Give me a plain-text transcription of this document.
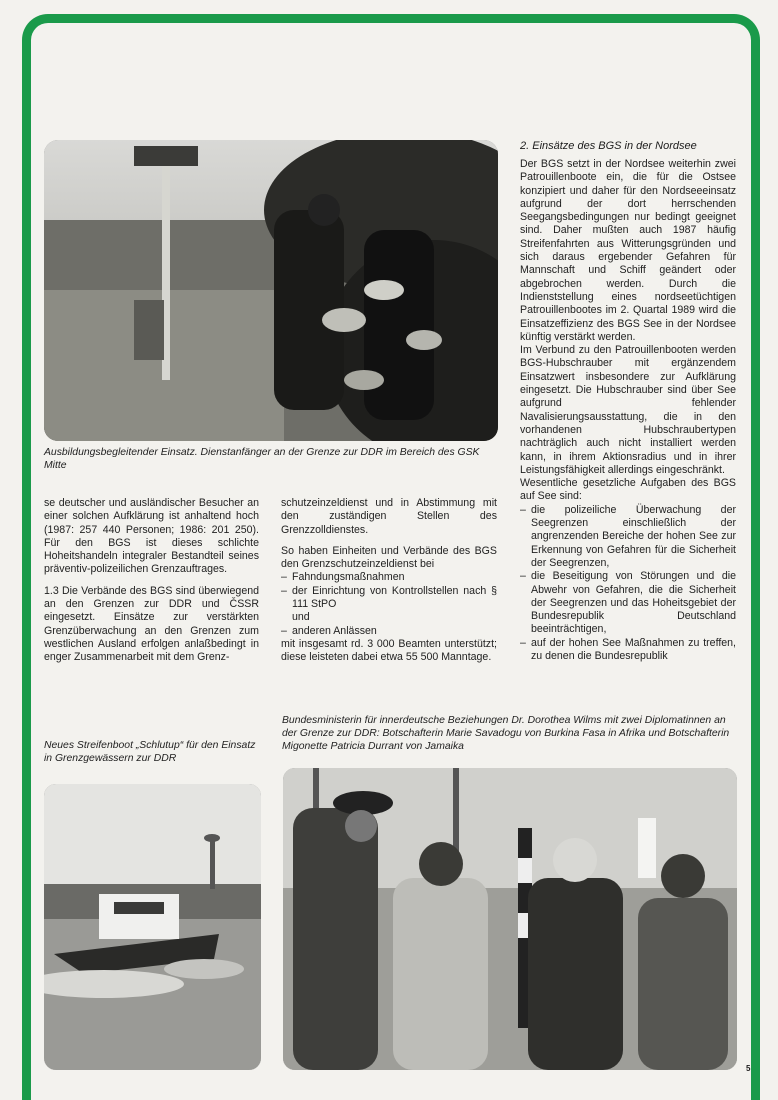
Ausbildungsbegleitender Einsatz. Dienstanfänger an der Grenze zur DDR im Bereich des GSK Mitte

se deutscher und ausländischer Besucher an einer solchen Aufklärung ist anhaltend hoch (1987: 257 440 Personen; 1986: 201 250). Für den BGS ist dieses schlichte Hoheitshandeln integraler Bestandteil seines präventiv-polizeilichen Grenzauftrages.

1.3 Die Verbände des BGS sind überwiegend an den Grenzen zur DDR und ČSSR eingesetzt. Einsätze zur verstärkten Grenzüberwachung an den Grenzen zum westlichen Ausland erfolgen anlaßbedingt in enger Zusammenarbeit mit dem Grenz-

schutzeinzeldienst und in Abstimmung mit den zuständigen Stellen des Grenzzolldienstes.

So haben Einheiten und Verbände des BGS den Grenzschutzeinzeldienst bei

– Fahndungsmaßnahmen
– der Einrichtung von Kontrollstellen nach § 111 StPO

und

– anderen Anlässen

mit insgesamt rd. 3 000 Beamten unterstützt; diese leisteten dabei etwa 55 500 Manntage.

2. Einsätze des BGS in der Nordsee

Der BGS setzt in der Nordsee weiterhin zwei Patrouillenboote ein, die für die Ostsee konzipiert und daher für den Nordseeeinsatz aufgrund der dort herrschenden Seegangsbedingungen nur bedingt geeignet sind. Daher mußten auch 1987 häufig Streifenfahrten aus Witterungsgründen und sich daraus ergebender Gefahren für Mannschaft und Schiff geändert oder abgebrochen werden. Durch die Indienststellung eines nordseetüchtigen Patrouillenbootes im 2. Quartal 1989 wird die Einsatzeffizienz des BGS See in der Nordsee künftig verstärkt werden.

Im Verbund zu den Patrouillenbooten werden BGS-Hubschrauber mit ergänzendem Einsatzwert insbesondere zur Aufklärung eingesetzt. Die Hubschrauber sind über See aufgrund fehlender Navalisierungsausstattung, die in den vorhandenen Hubschraubertypen nachträglich auch nicht installiert werden kann, in ihrem Aktionsradius und in ihrer Leistungsfähigkeit allerdings eingeschränkt.

Wesentliche gesetzliche Aufgaben des BGS auf See sind:

– die polizeiliche Überwachung der Seegrenzen einschließlich der angrenzenden Bereiche der hohen See zur Erkennung von Gefahren für die Sicherheit der Seegrenzen,
– die Beseitigung von Störungen und die Abwehr von Gefahren, die die Sicherheit der Seegrenzen und das Hoheitsgebiet der Bundesrepublik Deutschland beeinträchtigen,
– auf der hohen See Maßnahmen zu treffen, zu denen die Bundesrepublik
Bundesministerin für innerdeutsche Beziehungen Dr. Dorothea Wilms mit zwei Diplomatinnen an der Grenze zur DDR: Botschafterin Marie Savadogu von Burkina Fasa in Afrika und Botschafterin Migonette Patricia Durrant von Jamaika
Neues Streifenboot „Schlutup“ für den Einsatz in Grenzgewässern zur DDR
5
